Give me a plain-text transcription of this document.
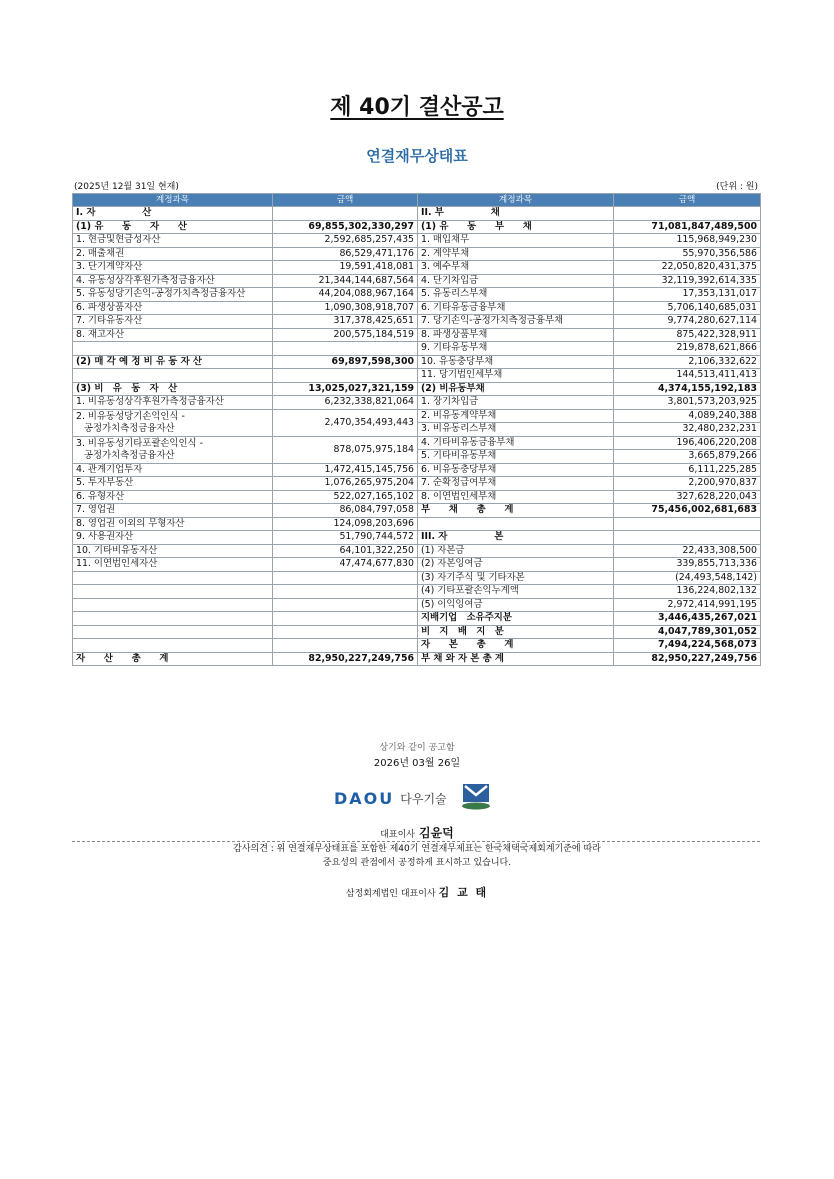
제 40기 결산공고
연결재무상태표
(2025년 12월 31일 현재)	(단위 : 원)
계정과목	금액	계정과목	금액
I. 자　　　　　산		II. 부　　　　　채	
(1) 유　　동　　자　　산	69,855,302,330,297	(1) 유　　동　　부　　채	71,081,847,489,500
1. 현금및현금성자산	2,592,685,257,435	1. 매입채무	115,968,949,230
2. 매출채권	86,529,471,176	2. 계약부채	55,970,356,586
3. 단기계약자산	19,591,418,081	3. 예수부채	22,050,820,431,375
4. 유동성상각후원가측정금융자산	21,344,144,687,564	4. 단기차입금	32,119,392,614,335
5. 유동성당기손익-공정가치측정금융자산	44,204,088,967,164	5. 유동리스부채	17,353,131,017
6. 파생상품자산	1,090,308,918,707	6. 기타유동금융부채	5,706,140,685,031
7. 기타유동자산	317,378,425,651	7. 당기손익-공정가치측정금융부채	9,774,280,627,114
8. 재고자산	200,575,184,519	8. 파생상품부채	875,422,328,911
		9. 기타유동부채	219,878,621,866
(2) 매 각 예 정 비 유 동 자 산	69,897,598,300	10. 유동충당부채	2,106,332,622
		11. 당기법인세부채	144,513,411,413
(3) 비　유　동　자　산	13,025,027,321,159	(2) 비유동부채	4,374,155,192,183
1. 비유동성상각후원가측정금융자산	6,232,338,821,064	1. 장기차입금	3,801,573,203,925

2. 비유동성당기손익인식 -
공정가치측정금융자산	2,470,354,493,443	2. 비유동계약부채	4,089,240,388
		3. 비유동리스부채	32,480,232,231

3. 비유동성기타포괄손익인식 -
공정가치측정금융자산	878,075,975,184	4. 기타비유동금융부채	196,406,220,208
		5. 기타비유동부채	3,665,879,266
4. 관계기업투자	1,472,415,145,756	6. 비유동충당부채	6,111,225,285
5. 투자부동산	1,076,265,975,204	7. 순확정급여부채	2,200,970,837
6. 유형자산	522,027,165,102	8. 이연법인세부채	327,628,220,043
7. 영업권	86,084,797,058	부　　채　　총　　계	75,456,002,681,683
8. 영업권 이외의 무형자산	124,098,203,696		
9. 사용권자산	51,790,744,572	III. 자　　　　　본	
10. 기타비유동자산	64,101,322,250	(1) 자본금	22,433,308,500
11. 이연법인세자산	47,474,677,830	(2) 자본잉여금	339,855,713,336
		(3) 자기주식 및 기타자본	(24,493,548,142)
		(4) 기타포괄손익누계액	136,224,802,132
		(5) 이익잉여금	2,972,414,991,195
		지배기업　소유주지분	3,446,435,267,021
		비　지　배　지　분	4,047,789,301,052
		자　　본　　총　　계	7,494,224,568,073
자　　산　　총　　계	82,950,227,249,756	부 채 와 자 본 총 계	82,950,227,249,756
상기와 같이 공고함
2026년 03월 26일
DAOU 다우기술
대표이사 김윤덕
감사의견 : 위 연결재무상태표를 포함한 제40기 연결재무제표는 한국채택국제회계기준에 따라
중요성의 관점에서 공정하게 표시하고 있습니다.
삼정회계법인 대표이사 김 교 태
